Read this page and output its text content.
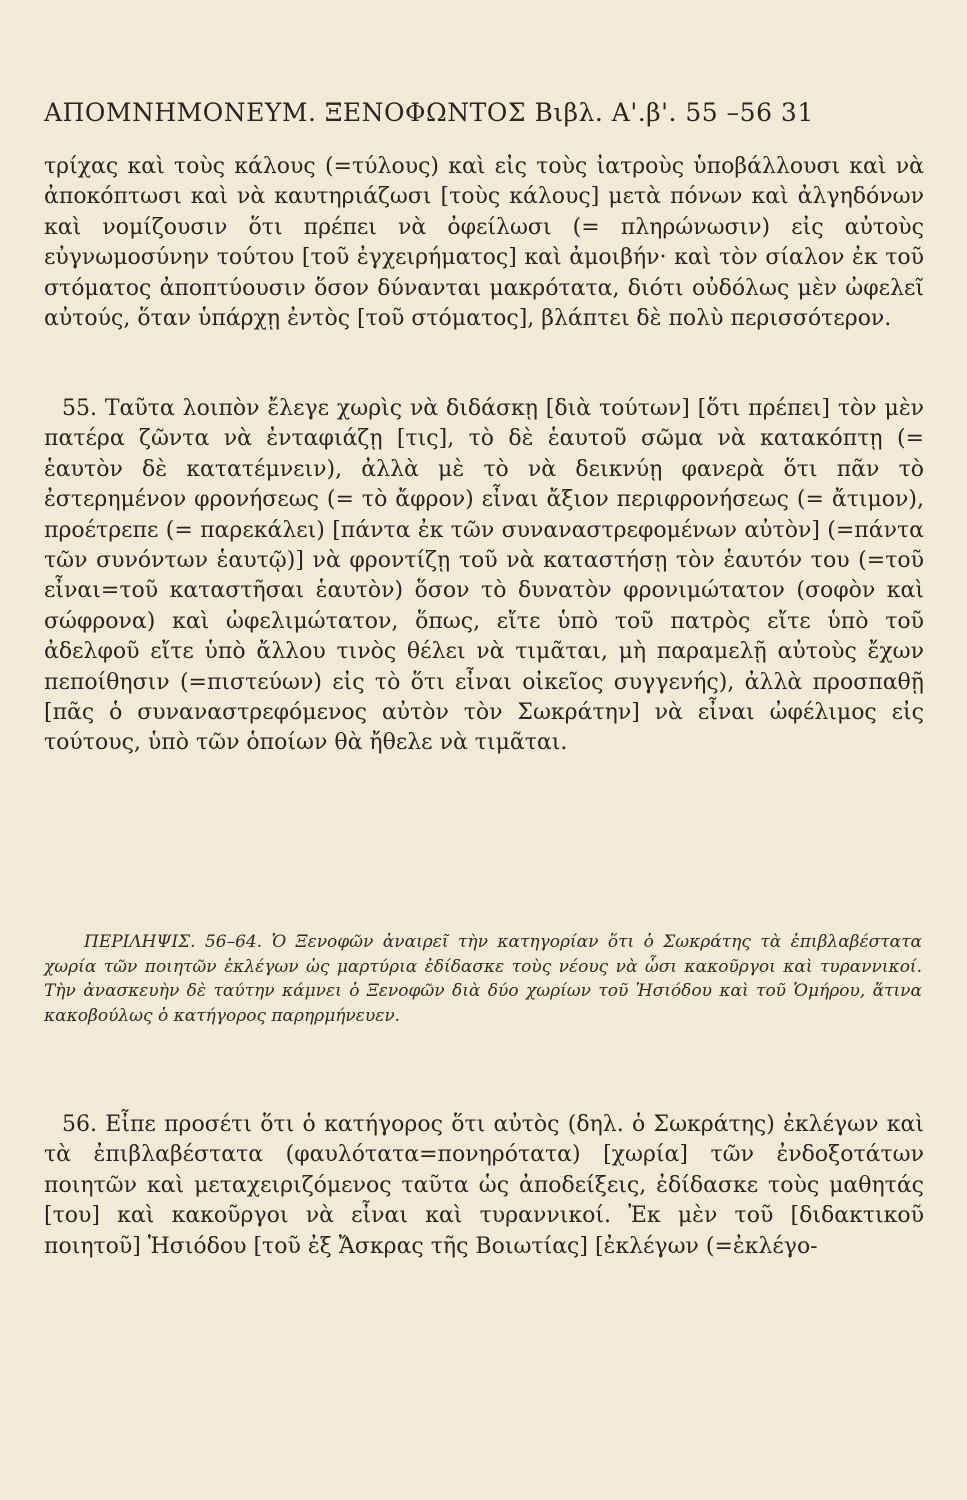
ΑΠΟΜΝΗΜΟΝΕΥΜ. ΞΕΝΟΦΩΝΤΟΣ Βιβλ. Α'.β'. 55 –56 31
τρίχας καὶ τοὺς κάλους (=τύλους) καὶ εἰς τοὺς ἰατροὺς ὑποβάλλουσι καὶ νὰ ἀποκόπτωσι καὶ νὰ καυτηριάζωσι [τοὺς κάλους] μετὰ πόνων καὶ ἀλγηδόνων καὶ νομίζουσιν ὅτι πρέπει νὰ ὀφείλωσι (= πληρώνωσιν) εἰς αὐτοὺς εὐγνωμοσύνην τούτου [τοῦ ἐγχειρήματος] καὶ ἀμοιβήν· καὶ τὸν σίαλον ἐκ τοῦ στόματος ἀποπτύουσιν ὅσον δύνανται μακρότατα, διότι οὐδόλως μὲν ὠφελεῖ αὐτούς, ὅταν ὑπάρχῃ ἐντὸς [τοῦ στόματος], βλάπτει δὲ πολὺ περισσότερον.
55. Ταῦτα λοιπὸν ἔλεγε χωρὶς νὰ διδάσκῃ [διὰ τούτων] [ὅτι πρέπει] τὸν μὲν πατέρα ζῶντα νὰ ἐνταφιάζῃ [τις], τὸ δὲ ἑαυτοῦ σῶμα νὰ κατακόπτῃ (= ἑαυτὸν δὲ κατατέμνειν), ἀλλὰ μὲ τὸ νὰ δεικνύῃ φανερὰ ὅτι πᾶν τὸ ἐστερημένον φρονήσεως (= τὸ ἄφρον) εἶναι ἄξιον περιφρονήσεως (= ἄτιμον), προέτρεπε (= παρεκάλει) [πάντα ἐκ τῶν συναναστρεφομένων αὐτὸν] (=πάντα τῶν συνόντων ἑαυτῷ)] νὰ φροντίζῃ τοῦ νὰ καταστήσῃ τὸν ἑαυτόν του (=τοῦ εἶναι=τοῦ καταστῆσαι ἑαυτὸν) ὅσον τὸ δυνατὸν φρονιμώτατον (σοφὸν καὶ σώφρονα) καὶ ὠφελιμώτατον, ὅπως, εἴτε ὑπὸ τοῦ πατρὸς εἴτε ὑπὸ τοῦ ἀδελφοῦ εἴτε ὑπὸ ἄλλου τινὸς θέλει νὰ τιμᾶται, μὴ παραμελῇ αὐτοὺς ἔχων πεποίθησιν (=πιστεύων) εἰς τὸ ὅτι εἶναι οἰκεῖος συγγενής), ἀλλὰ προσπαθῇ [πᾶς ὁ συναναστρεφόμενος αὐτὸν τὸν Σωκράτην] νὰ εἶναι ὠφέλιμος εἰς τούτους, ὑπὸ τῶν ὁποίων θὰ ἤθελε νὰ τιμᾶται.
ΠΕΡΙΛΗΨΙΣ. 56–64. Ὁ Ξενοφῶν ἀναιρεῖ τὴν κατηγορίαν ὅτι ὁ Σωκράτης τὰ ἐπιβλαβέστατα χωρία τῶν ποιητῶν ἐκλέγων ὡς μαρτύρια ἐδίδασκε τοὺς νέους νὰ ὦσι κακοῦργοι καὶ τυραννικοί. Τὴν ἀνασκευὴν δὲ ταύτην κάμνει ὁ Ξενοφῶν διὰ δύο χωρίων τοῦ Ἡσιόδου καὶ τοῦ Ὁμήρου, ἅτινα κακοβούλως ὁ κατήγορος παρηρμήνευεν.
56. Εἶπε προσέτι ὅτι ὁ κατήγορος ὅτι αὐτὸς (δηλ. ὁ Σωκράτης) ἐκλέγων καὶ τὰ ἐπιβλαβέστατα (φαυλότατα=πονηρότατα) [χωρία] τῶν ἐνδοξοτάτων ποιητῶν καὶ μεταχειριζόμενος ταῦτα ὡς ἀποδείξεις, ἐδίδασκε τοὺς μαθητάς [του] καὶ κακοῦργοι νὰ εἶναι καὶ τυραννικοί. Ἐκ μὲν τοῦ [διδακτικοῦ ποιητοῦ] Ἡσιόδου [τοῦ ἐξ Ἄσκρας τῆς Βοιωτίας] [ἐκλέγων (=ἐκλέγο-
